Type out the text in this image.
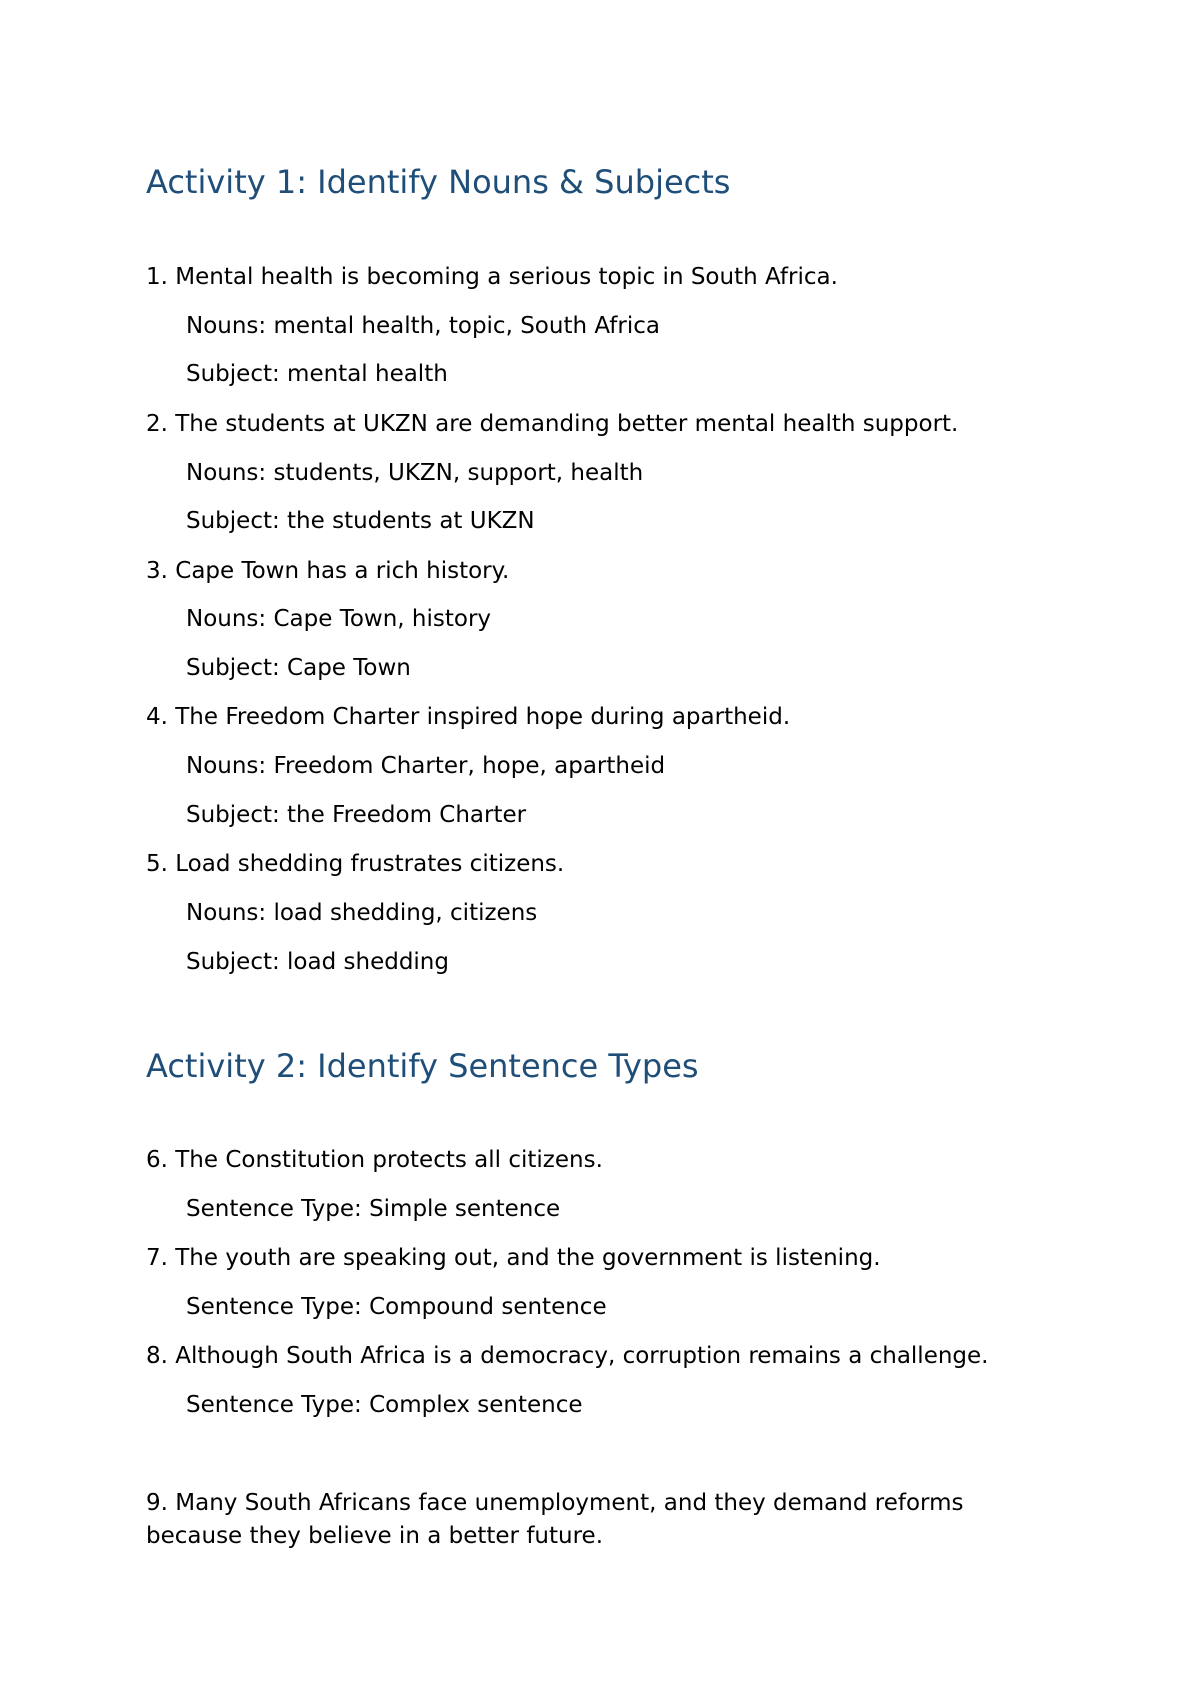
Activity 1: Identify Nouns & Subjects
1. Mental health is becoming a serious topic in South Africa.
Nouns: mental health, topic, South Africa
Subject: mental health
2. The students at UKZN are demanding better mental health support.
Nouns: students, UKZN, support, health
Subject: the students at UKZN
3. Cape Town has a rich history.
Nouns: Cape Town, history
Subject: Cape Town
4. The Freedom Charter inspired hope during apartheid.
Nouns: Freedom Charter, hope, apartheid
Subject: the Freedom Charter
5. Load shedding frustrates citizens.
Nouns: load shedding, citizens
Subject: load shedding
Activity 2: Identify Sentence Types
6. The Constitution protects all citizens.
Sentence Type: Simple sentence
7. The youth are speaking out, and the government is listening.
Sentence Type: Compound sentence
8. Although South Africa is a democracy, corruption remains a challenge.
Sentence Type: Complex sentence
9. Many South Africans face unemployment, and they demand reforms because they believe in a better future.
